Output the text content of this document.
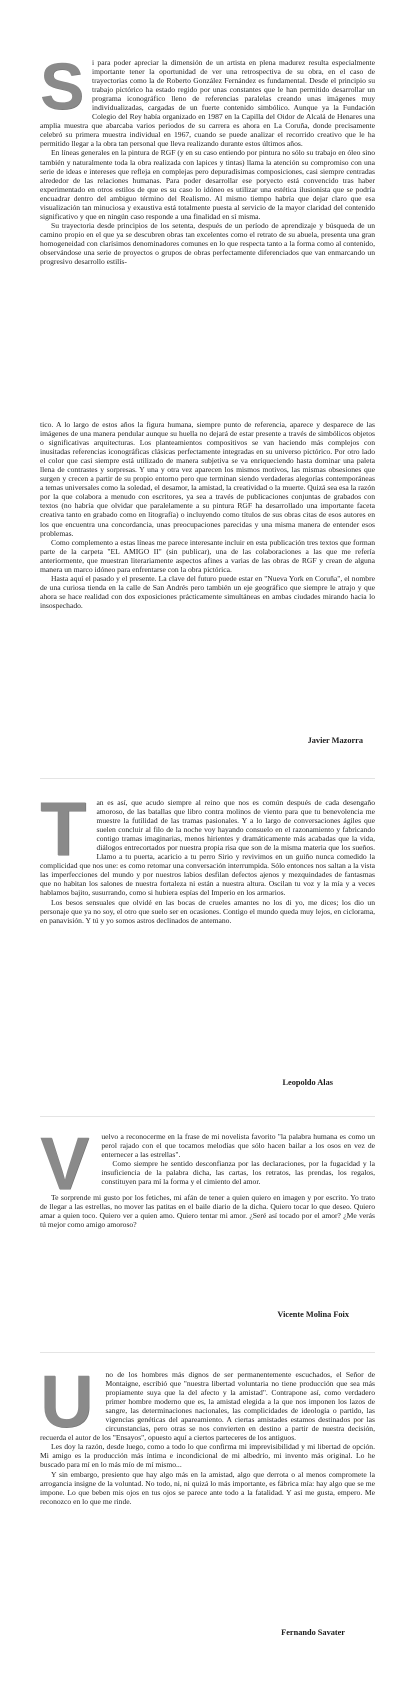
S	i para poder apreciar la dimensión de un artista en plena madurez resulta especialmente importante tener la oportunidad de ver una retrospectiva de su obra, en el caso de trayectorias como la de Roberto González Fernández es fundamental. Desde el principio su trabajo pictórico ha estado regido por unas constantes que le han permitido desarrollar un programa iconográfico lleno de referencias paralelas creando unas imágenes muy individualizadas, cargadas de un fuerte contenido simbólico. Aunque ya la Fundación Colegio del Rey había organizado en 1987 en la Capilla del Oidor de Alcalá de Henares una amplia muestra que abarcaba varios periodos de su carrera es ahora en La Coruña, donde precisamente celebró su primera muestra individual en 1967, cuando se puede analizar el recorrido creativo que le ha permitido llegar a la obra tan personal que lleva realizando durante estos últimos años.

En líneas generales en la pintura de RGF (y en su caso entiendo por pintura no sólo su trabajo en óleo sino también y naturalmente toda la obra realizada con lapices y tintas) llama la atención su compromiso con una serie de ideas e intereses que refleja en complejas pero depuradísimas composiciones, casi siempre centradas alrededor de las relaciones humanas. Para poder desarrollar ese poryecto está convencido tras haber experimentado en otros estilos de que es su caso lo idóneo es utilizar una estética ilusionista que se podría encuadrar dentro del ambiguo término del Realismo. Al mismo tiempo habría que dejar claro que esa visualización tan minuciosa y exaustiva está totalmente puesta al servicio de la mayor claridad del contenido significativo y que en ningún caso responde a una finalidad en sí misma.

Su trayectoria desde principios de los setenta, después de un período de aprendizaje y búsqueda de un camino propio en el que ya se descubren obras tan excelentes como el retrato de su abuela, presenta una gran homogeneidad con clarísimos denominadores comunes en lo que respecta tanto a la forma como al contenido, observándose una serie de proyectos o grupos de obras perfectamente diferenciados que van enmarcando un progresivo desarrollo estilís-

tico. A lo largo de estos años la figura humana, siempre punto de referencia, aparece y desparece de las imágenes de una manera pendular aunque su huella no dejará de estar presente a través de simbólicos objetos o significativas arquitecturas. Los planteamientos compositivos se van haciendo más complejos con inusitadas referencias iconográficas clásicas perfectamente integradas en su universo pictórico. Por otro lado el color que casi siempre está utilizado de manera subjetiva se va enriqueciendo hasta dominar una paleta llena de contrastes y sorpresas. Y una y otra vez aparecen los mismos motivos, las mismas obsesiones que surgen y crecen a partir de su propio entorno pero que terminan siendo verdaderas alegorías contemporáneas a temas universales como la soledad, el desamor, la amistad, la creatividad o la muerte. Quizá sea esa la razón por la que colabora a menudo con escritores, ya sea a través de publicaciones conjuntas de grabados con textos (no habría que olvidar que paralelamente a su pintura RGF ha desarrollado una importante faceta creativa tanto en grabado como en litografía) o incluyendo como títulos de sus obras citas de esos autores en los que encuentra una concordancia, unas preocupaciones parecidas y una misma manera de entender esos problemas.

Como complemento a estas líneas me parece interesante incluir en esta publicación tres textos que forman parte de la carpeta "EL AMIGO II" (sin publicar), una de las colaboraciones a las que me refería anteriormente, que muestran literariamente aspectos afines a varias de las obras de RGF y crean de alguna manera un marco idóneo para enfrentarse con la obra pictórica.

Hasta aquí el pasado y el presente. La clave del futuro puede estar en "Nueva York en Coruña", el nombre de una curiosa tienda en la calle de San Andrés pero también un eje geográfico que siempre le atrajo y que ahora se hace realidad con dos exposiciones prácticamente simultáneas en ambas ciudades mirando hacia lo insospechado.

Javier Mazorra
T	an es así, que acudo siempre al reino que nos es común después de cada desengaño amoroso, de las batallas que libro contra molinos de viento para que tu benevolencia me muestre la futilidad de las tramas pasionales. Y a lo largo de conversaciones ágiles que suelen concluir al filo de la noche voy hayando consuelo en el razonamiento y fabricando contigo tramas imaginarias, menos hirientes y dramáticamente más acabadas que la vida, diálogos entrecortados por nuestra propia risa que son de la misma materia que los sueños. Llamo a tu puerta, acaricio a tu perro Sirio y revivimos en un guiño nunca comedido la complicidad que nos une: es como retomar una conversación interrumpida. Sólo entonces nos saltan a la vista las imperfecciones del mundo y por nuestros labios desfilan defectos ajenos y mezquindades de fantasmas que no habitan los salones de nuestra fortaleza ni están a nuestra altura. Oscilan tu voz y la mía y a veces hablamos bajito, susurrando, como si hubiera espías del Imperio en los armarios.

Los besos sensuales que olvidé en las bocas de crueles amantes no los di yo, me dices; los dio un personaje que ya no soy, el otro que suelo ser en ocasiones. Contigo el mundo queda muy lejos, en ciclorama, en panavisión. Y tú y yo somos astros declinados de antemano.

Leopoldo Alas
V	uelvo a reconocerme en la frase de mi novelista favorito "la palabra humana es como un perol rajado con el que tocamos melodías que sólo hacen bailar a los osos en vez de enternecer a las estrellas".

Como siempre he sentido desconfianza por las declaraciones, por la fugacidad y la insuficiencia de la palabra dicha, las cartas, los retratos, las prendas, los regalos, constituyen para mí la forma y el cimiento del amor.

Te sorprende mi gusto por los fetiches, mi afán de tener a quien quiero en imagen y por escrito. Yo trato de llegar a las estrellas, no mover las patitas en el baile diario de la dicha. Quiero tocar lo que deseo. Quiero amar a quien toco. Quiero ver a quien amo. Quiero tentar mi amor. ¿Seré así tocado por el amor? ¿Me verás tú mejor como amigo amoroso?

Vicente Molina Foix
U	no de los hombres más dignos de ser permanentemente escuchados, el Señor de Montaigne, escribió que "nuestra libertad voluntaria no tiene producción que sea más propiamente suya que la del afecto y la amistad". Contrapone así, como verdadero primer hombre moderno que es, la amistad elegida a la que nos imponen los lazos de sangre, las determinaciones nacionales, las complicidades de ideología o partido, las vigencias genéticas del apareamiento. A ciertas amistades estamos destinados por las circunstancias, pero otras se nos convierten en destino a partir de nuestra decisión, recuerda el autor de los "Ensayos", opuesto aquí a ciertos parteceres de los antiguos.

Les doy la razón, desde luego, como a todo lo que confirma mi imprevisibilidad y mi libertad de opción. Mi amigo es la producción más íntima e incondicional de mi albedrío, mi invento más original. Lo he buscado para mí en lo más mío de mí mismo...

Y sin embargo, presiento que hay algo más en la amistad, algo que derrota o al menos compromete la arrogancia insigne de la voluntad. No todo, ni, ni quizá lo más importante, es fábrica mía: hay algo que se me impone. Lo que beben mis ojos en tus ojos se parece ante todo a la fatalidad. Y así me gusta, empero. Me reconozco en lo que me rinde.

Fernando Savater
